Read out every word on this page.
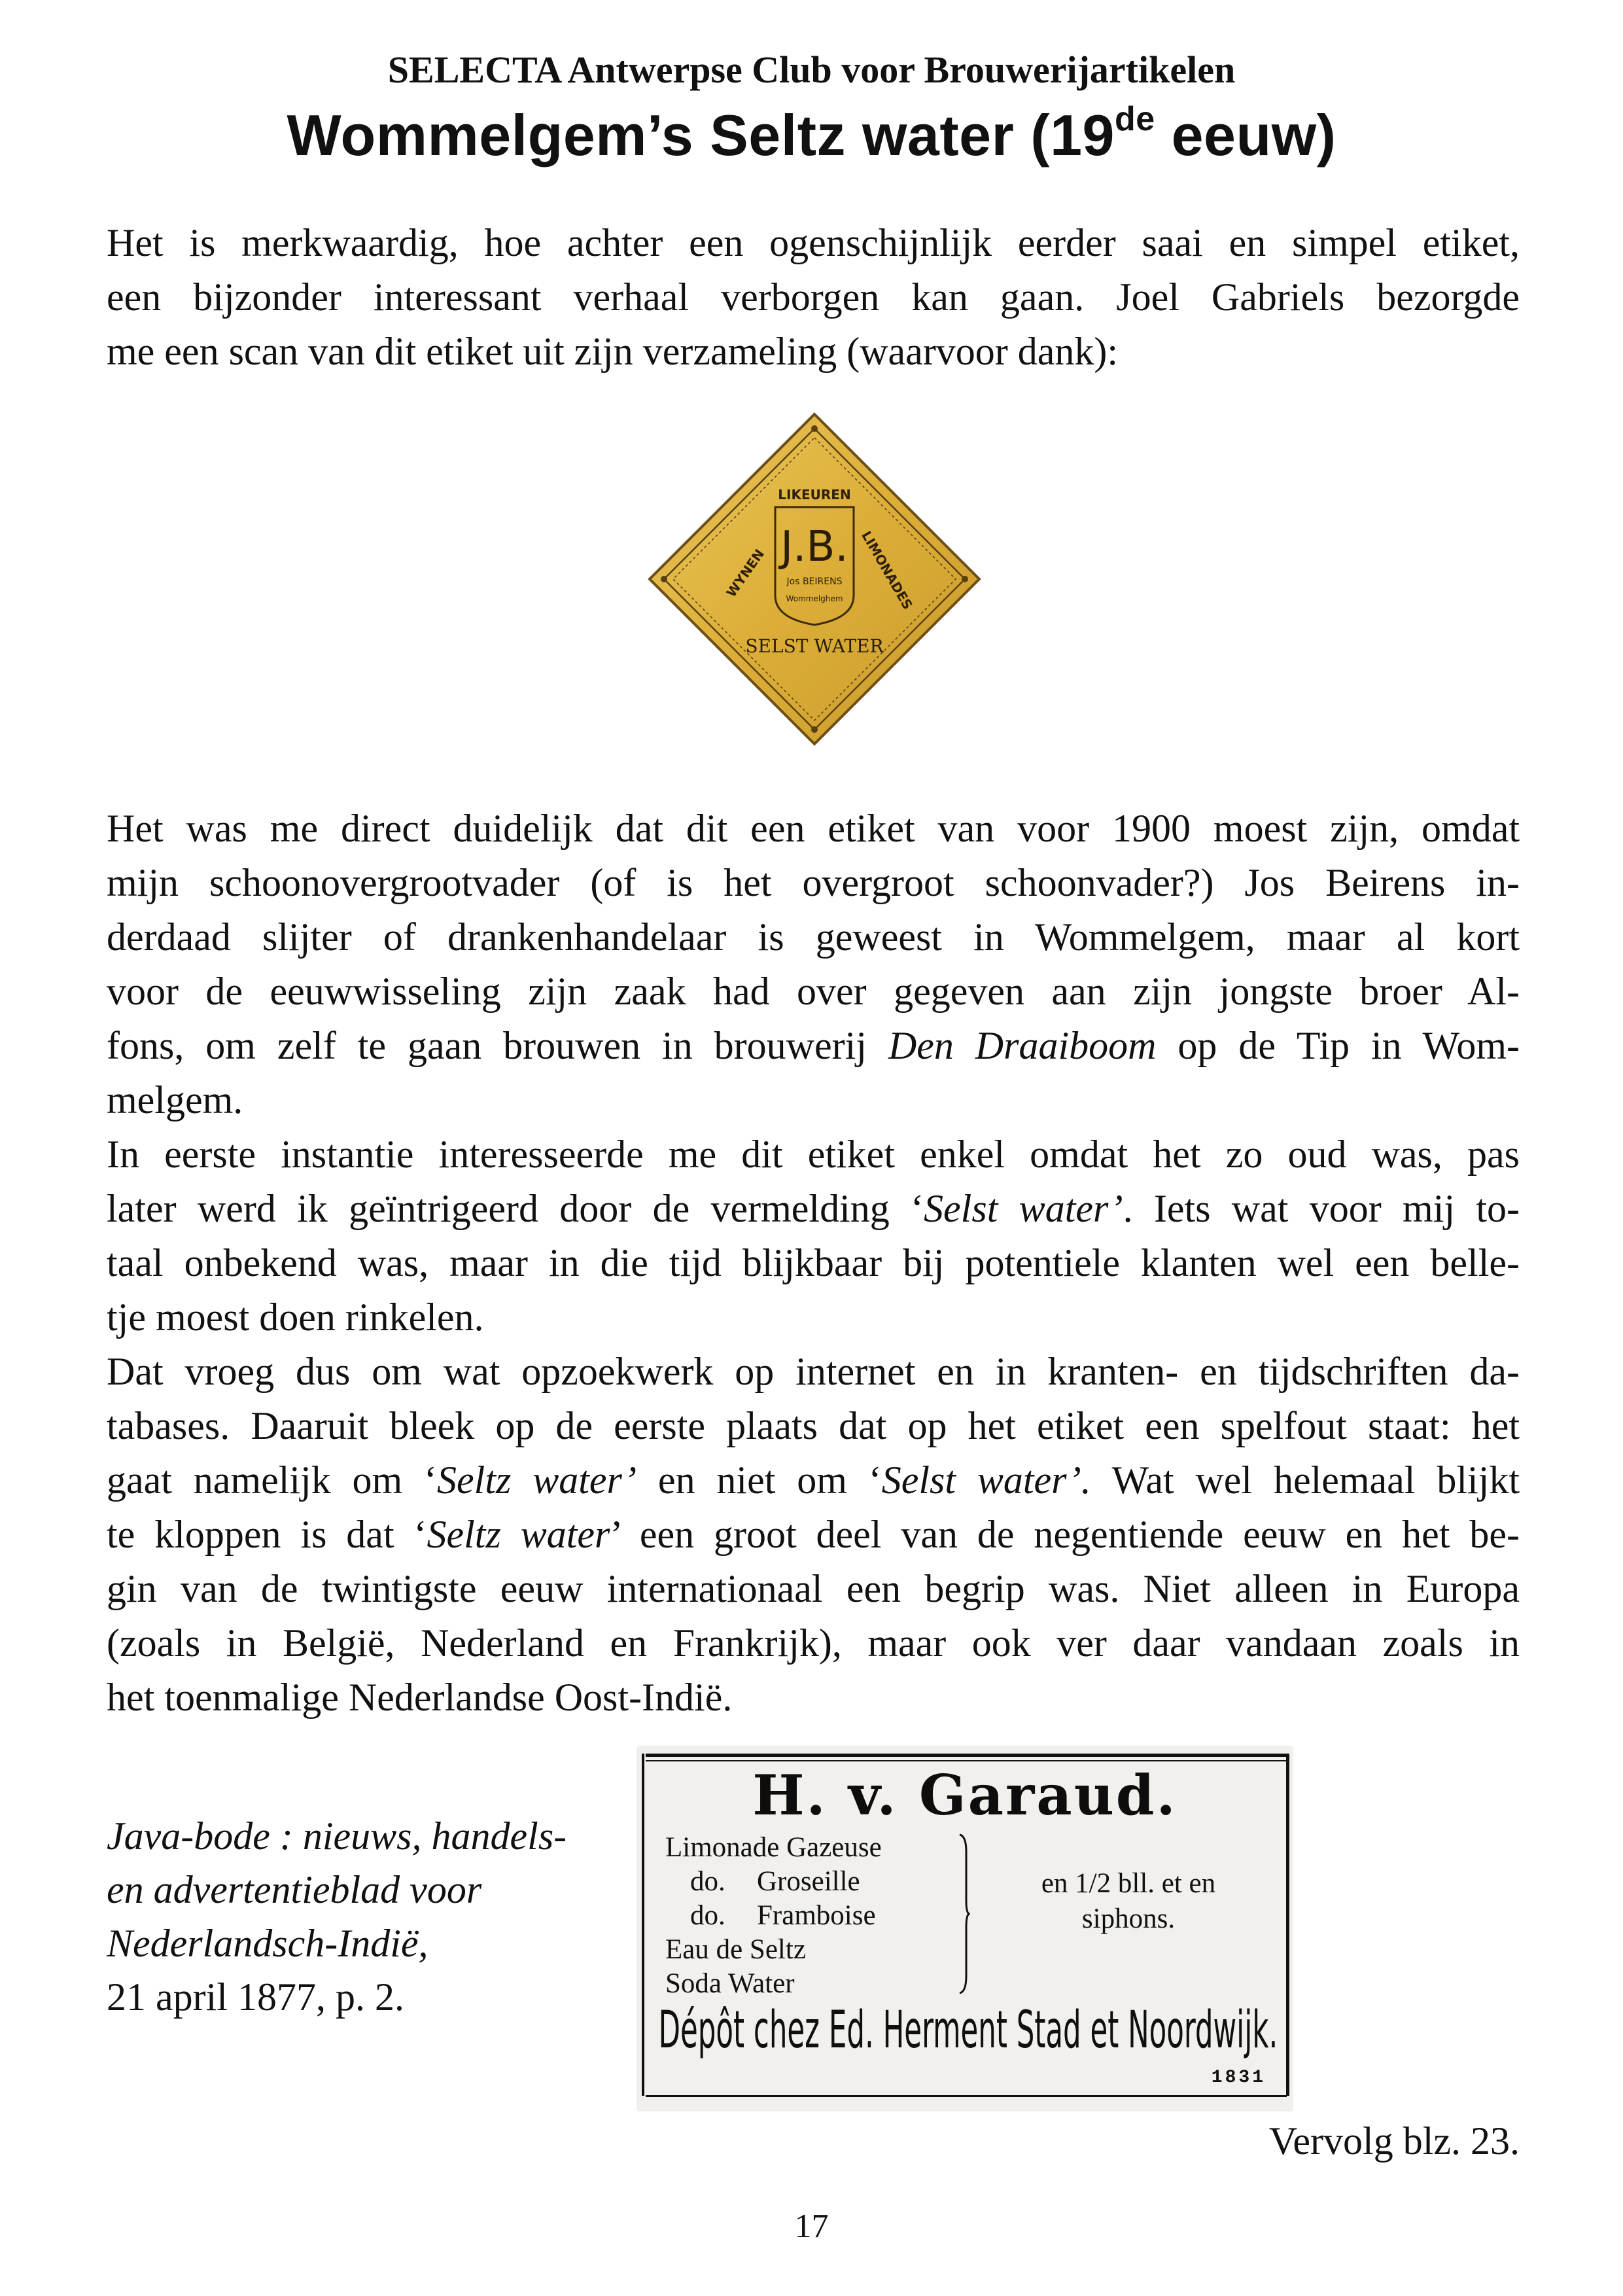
SELECTA Antwerpse Club voor Brouwerijartikelen
Wommelgem’s Seltz water (19de eeuw)
Het is merkwaardig, hoe achter een ogenschijnlijk eerder saai en simpel etiket,
een bijzonder interessant verhaal verborgen kan gaan. Joel Gabriels bezorgde
me een scan van dit etiket uit zijn verzameling (waarvoor dank):
LIKEUREN
J.B.
Jos BEIRENS
Wommelghem
WYNEN	LIMONADES
SELST WATER
Het was me direct duidelijk dat dit een etiket van voor 1900 moest zijn, omdat
mijn schoonovergrootvader (of is het overgroot schoonvader?) Jos Beirens in-
derdaad slijter of drankenhandelaar is geweest in Wommelgem, maar al kort
voor de eeuwwisseling zijn zaak had over gegeven aan zijn jongste broer Al-
fons, om zelf te gaan brouwen in brouwerij Den Draaiboom op de Tip in Wom-
melgem.
In eerste instantie interesseerde me dit etiket enkel omdat het zo oud was, pas
later werd ik geïntrigeerd door de vermelding ‘Selst water’. Iets wat voor mij to-
taal onbekend was, maar in die tijd blijkbaar bij potentiele klanten wel een belle-
tje moest doen rinkelen.
Dat vroeg dus om wat opzoekwerk op internet en in kranten- en tijdschriften da-
tabases. Daaruit bleek op de eerste plaats dat op het etiket een spelfout staat: het
gaat namelijk om ‘Seltz water’ en niet om ‘Selst water’. Wat wel helemaal blijkt
te kloppen is dat ‘Seltz water’ een groot deel van de negentiende eeuw en het be-
gin van de twintigste eeuw internationaal een begrip was. Niet alleen in Europa
(zoals in België, Nederland en Frankrijk), maar ook ver daar vandaan zoals in
het toenmalige Nederlandse Oost-Indië.
Java-bode : nieuws, handels-
en advertentieblad voor
Nederlandsch-Indië,
21 april 1877, p. 2.
H. v. Garaud.
Limonade Gazeuse
do. Groseille
do. Framboise
Eau de Seltz
Soda Water
en 1/2 bll. et en
siphons.
Dépôt chez Ed. Herment Stad et Noordwijk.
1831
Vervolg blz. 23.
17
